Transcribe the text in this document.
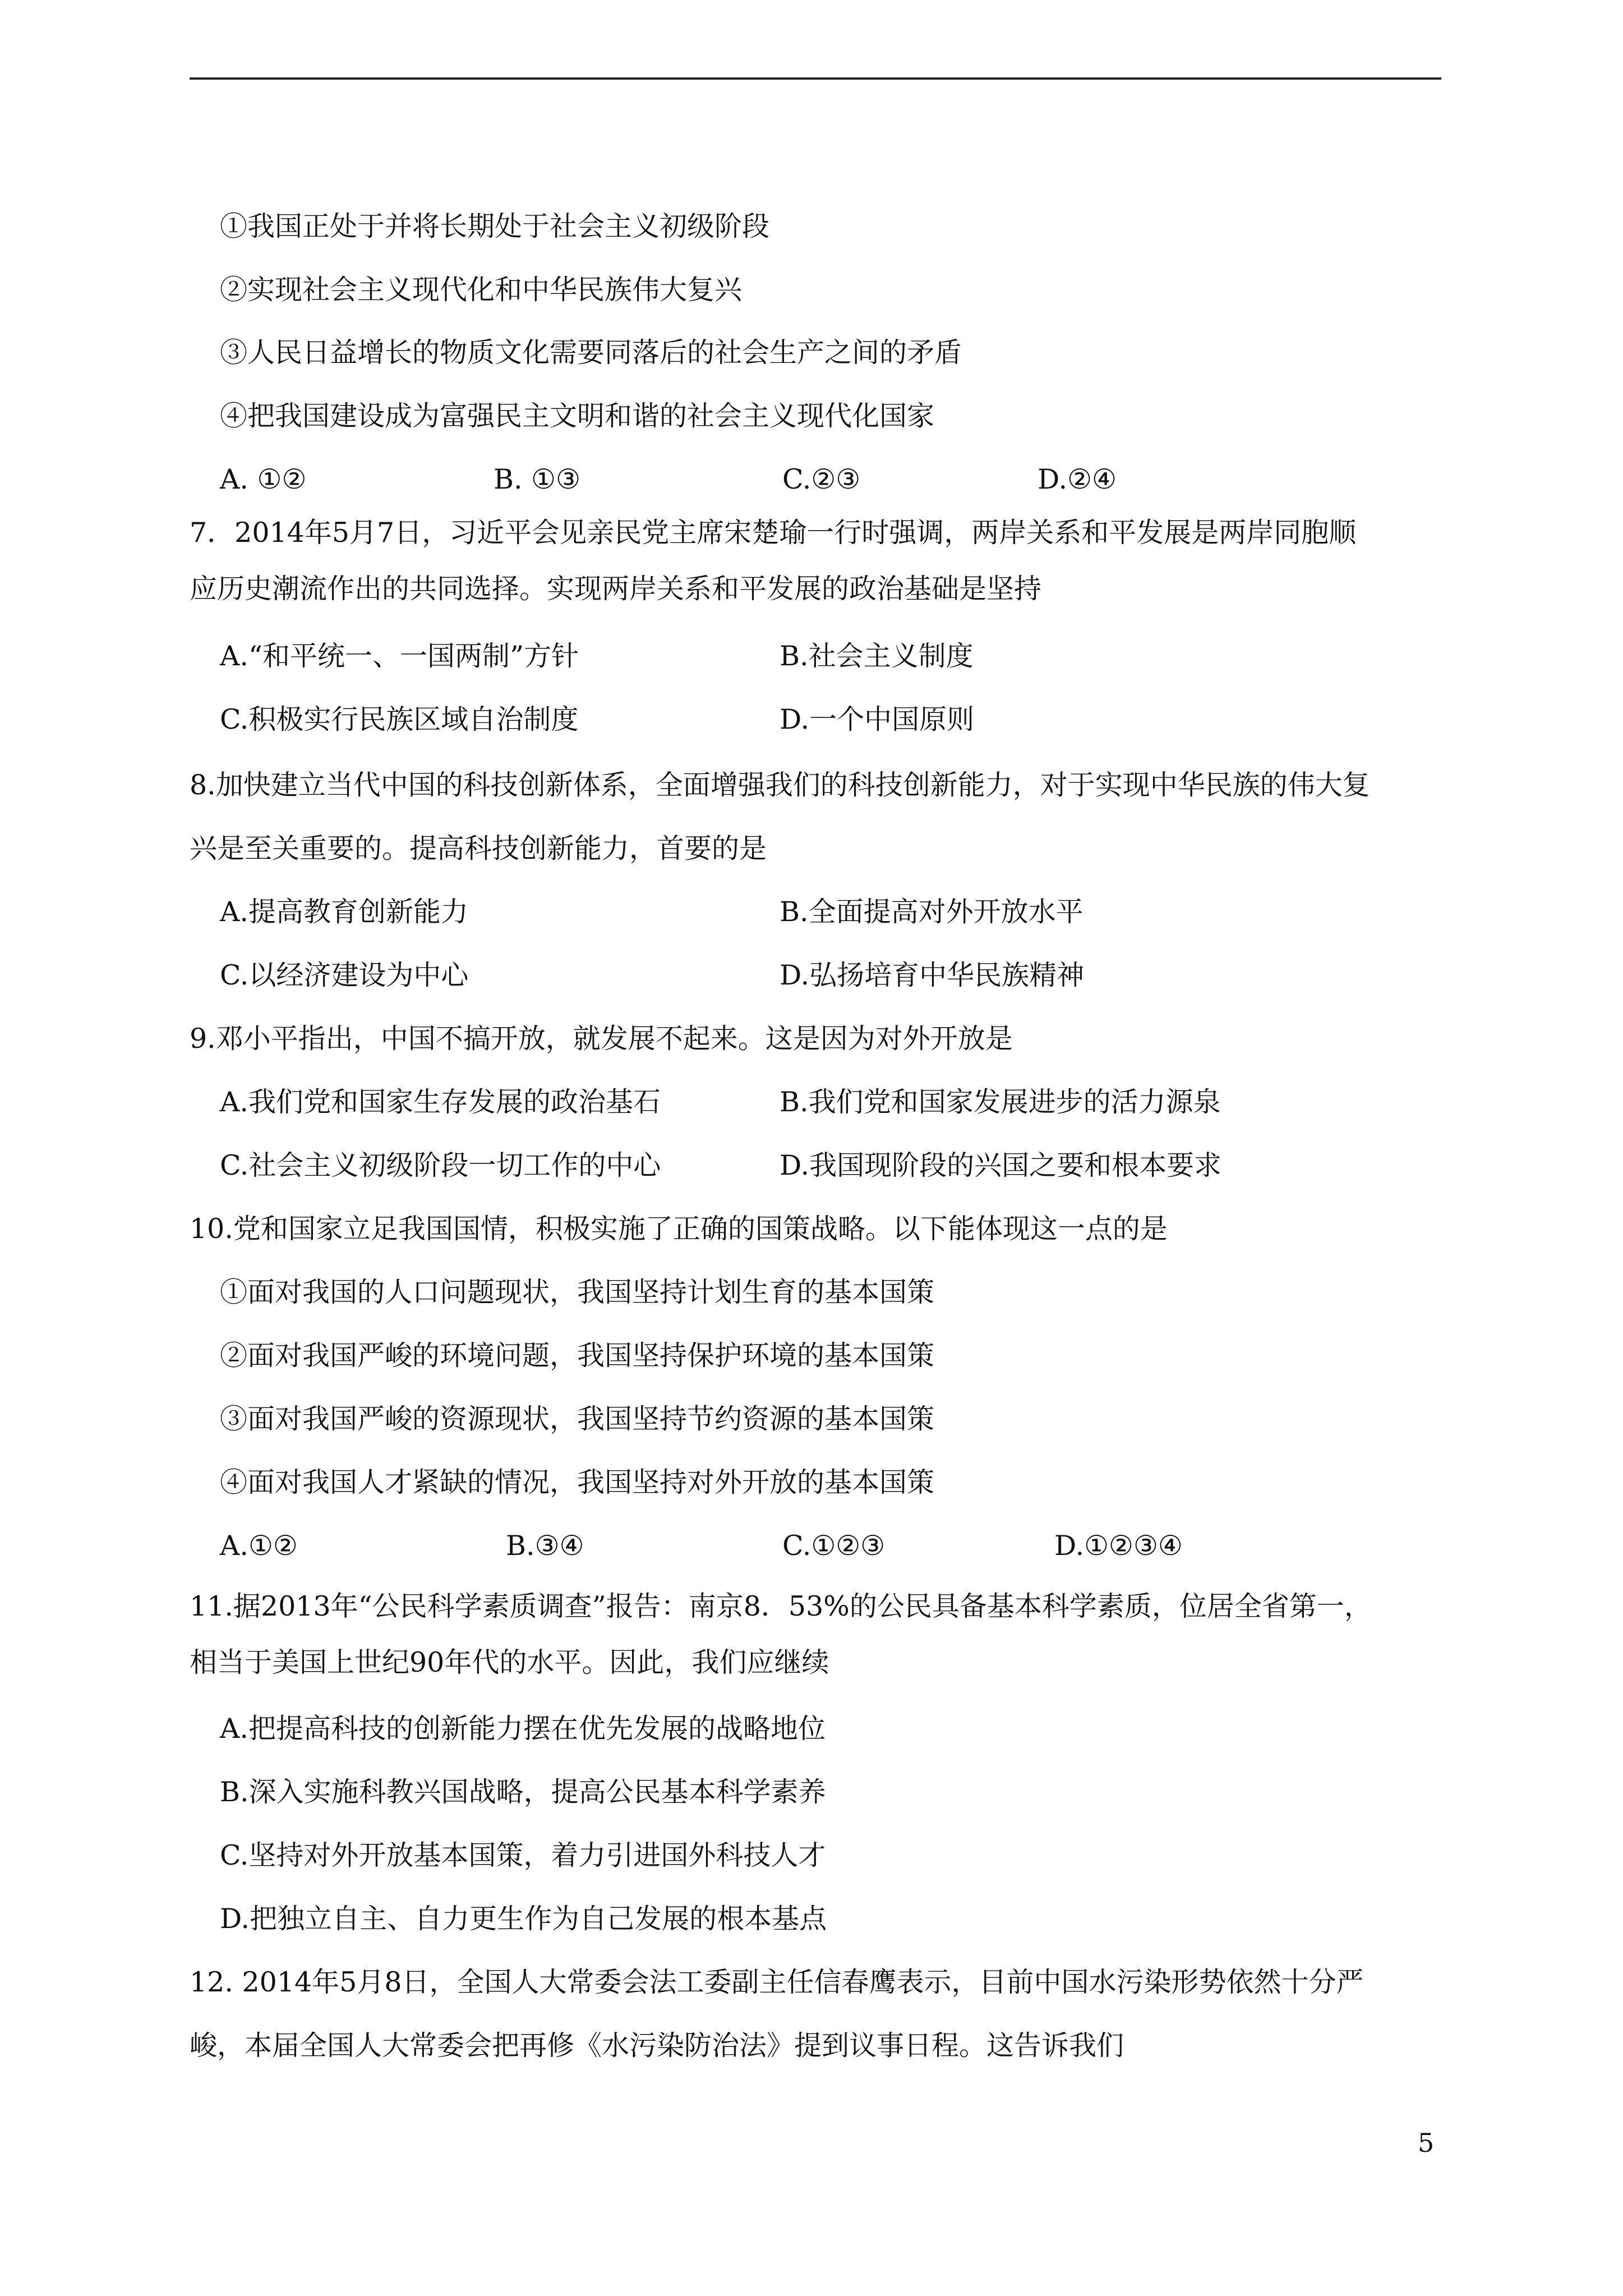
①我国正处于并将长期处于社会主义初级阶段
②实现社会主义现代化和中华民族伟大复兴
③人民日益增长的物质文化需要同落后的社会生产之间的矛盾
④把我国建设成为富强民主文明和谐的社会主义现代化国家
A. ①②	B. ①③	C.②③	D.②④
7．2014年5月7日，习近平会见亲民党主席宋楚瑜一行时强调，两岸关系和平发展是两岸同胞顺
应历史潮流作出的共同选择。实现两岸关系和平发展的政治基础是坚持
A.“和平统一、一国两制”方针	B.社会主义制度
C.积极实行民族区域自治制度	D.一个中国原则
8.加快建立当代中国的科技创新体系，全面增强我们的科技创新能力，对于实现中华民族的伟大复
兴是至关重要的。提高科技创新能力，首要的是
A.提高教育创新能力	B.全面提高对外开放水平
C.以经济建设为中心	D.弘扬培育中华民族精神
9.邓小平指出，中国不搞开放，就发展不起来。这是因为对外开放是
A.我们党和国家生存发展的政治基石	B.我们党和国家发展进步的活力源泉
C.社会主义初级阶段一切工作的中心	D.我国现阶段的兴国之要和根本要求
10.党和国家立足我国国情，积极实施了正确的国策战略。以下能体现这一点的是
①面对我国的人口问题现状，我国坚持计划生育的基本国策
②面对我国严峻的环境问题，我国坚持保护环境的基本国策
③面对我国严峻的资源现状，我国坚持节约资源的基本国策
④面对我国人才紧缺的情况，我国坚持对外开放的基本国策
A.①②	B.③④	C.①②③	D.①②③④
11.据2013年“公民科学素质调查”报告：南京8．53%的公民具备基本科学素质，位居全省第一，
相当于美国上世纪90年代的水平。因此，我们应继续
A.把提高科技的创新能力摆在优先发展的战略地位
B.深入实施科教兴国战略，提高公民基本科学素养
C.坚持对外开放基本国策，着力引进国外科技人才
D.把独立自主、自力更生作为自己发展的根本基点
12. 2014年5月8日，全国人大常委会法工委副主任信春鹰表示，目前中国水污染形势依然十分严
峻，本届全国人大常委会把再修《水污染防治法》提到议事日程。这告诉我们
5
